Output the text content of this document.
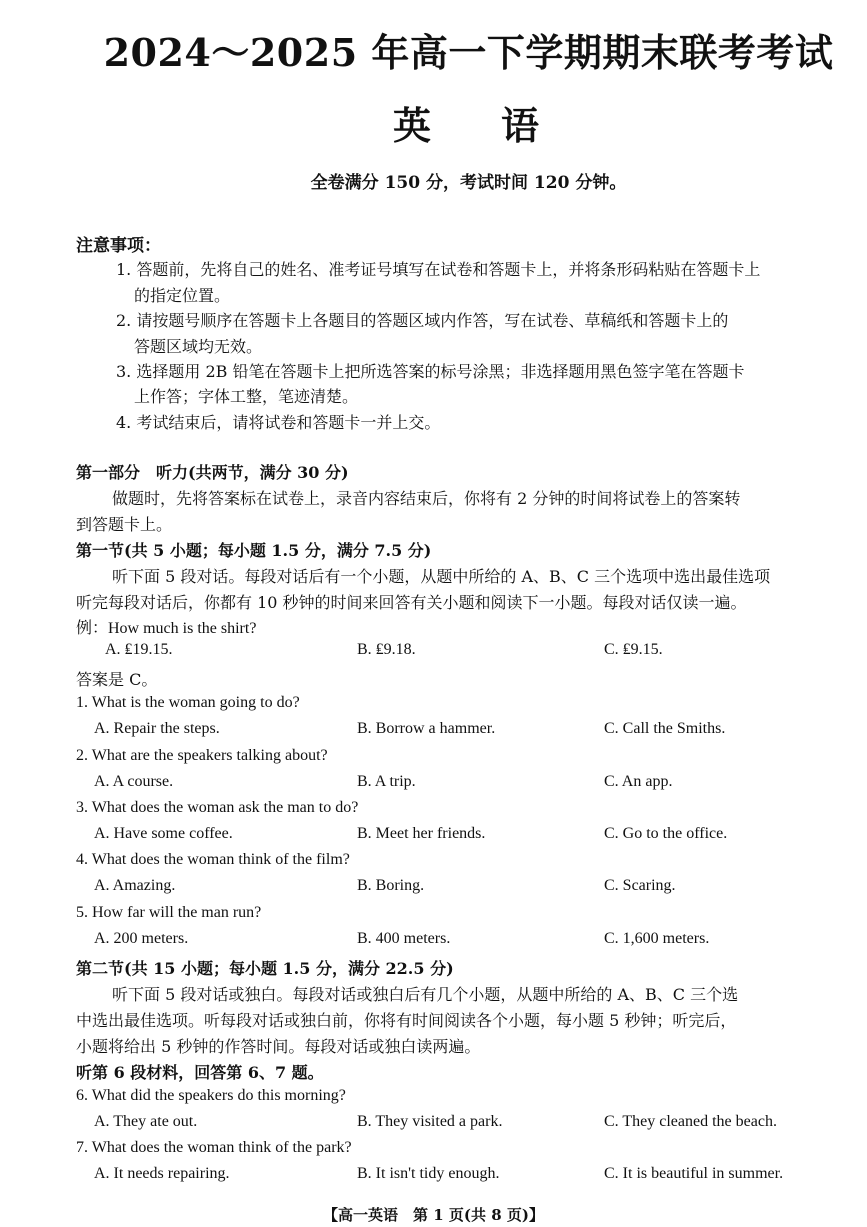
2024～2025 年高一下学期期末联考考试
英语
全卷满分 150 分，考试时间 120 分钟。
注意事项：
1. 答题前，先将自己的姓名、准考证号填写在试卷和答题卡上，并将条形码粘贴在答题卡上
的指定位置。
2. 请按题号顺序在答题卡上各题目的答题区域内作答，写在试卷、草稿纸和答题卡上的
答题区域均无效。
3. 选择题用 2B 铅笔在答题卡上把所选答案的标号涂黑；非选择题用黑色签字笔在答题卡
上作答；字体工整，笔迹清楚。
4. 考试结束后，请将试卷和答题卡一并上交。
第一部分　听力(共两节，满分 30 分)
做题时，先将答案标在试卷上，录音内容结束后，你将有 2 分钟的时间将试卷上的答案转
到答题卡上。
第一节(共 5 小题；每小题 1.5 分，满分 7.5 分)
听下面 5 段对话。每段对话后有一个小题，从题中所给的 A、B、C 三个选项中选出最佳选项
听完每段对话后，你都有 10 秒钟的时间来回答有关小题和阅读下一小题。每段对话仅读一遍。
例：How much is the shirt?
A. ₤19.15.	B. ₤9.18.	C. ₤9.15.
答案是 C。
1. What is the woman going to do?
A. Repair the steps.	B. Borrow a hammer.	C. Call the Smiths.
2. What are the speakers talking about?
A. A course.	B. A trip.	C. An app.
3. What does the woman ask the man to do?
A. Have some coffee.	B. Meet her friends.	C. Go to the office.
4. What does the woman think of the film?
A. Amazing.	B. Boring.	C. Scaring.
5. How far will the man run?
A. 200 meters.	B. 400 meters.	C. 1,600 meters.
第二节(共 15 小题；每小题 1.5 分，满分 22.5 分)
听下面 5 段对话或独白。每段对话或独白后有几个小题，从题中所给的 A、B、C 三个选
中选出最佳选项。听每段对话或独白前，你将有时间阅读各个小题，每小题 5 秒钟；听完后，
小题将给出 5 秒钟的作答时间。每段对话或独白读两遍。
听第 6 段材料，回答第 6、7 题。
6. What did the speakers do this morning?
A. They ate out.	B. They visited a park.	C. They cleaned the beach.
7. What does the woman think of the park?
A. It needs repairing.	B. It isn't tidy enough.	C. It is beautiful in summer.
【高一英语　第 1 页(共 8 页)】
